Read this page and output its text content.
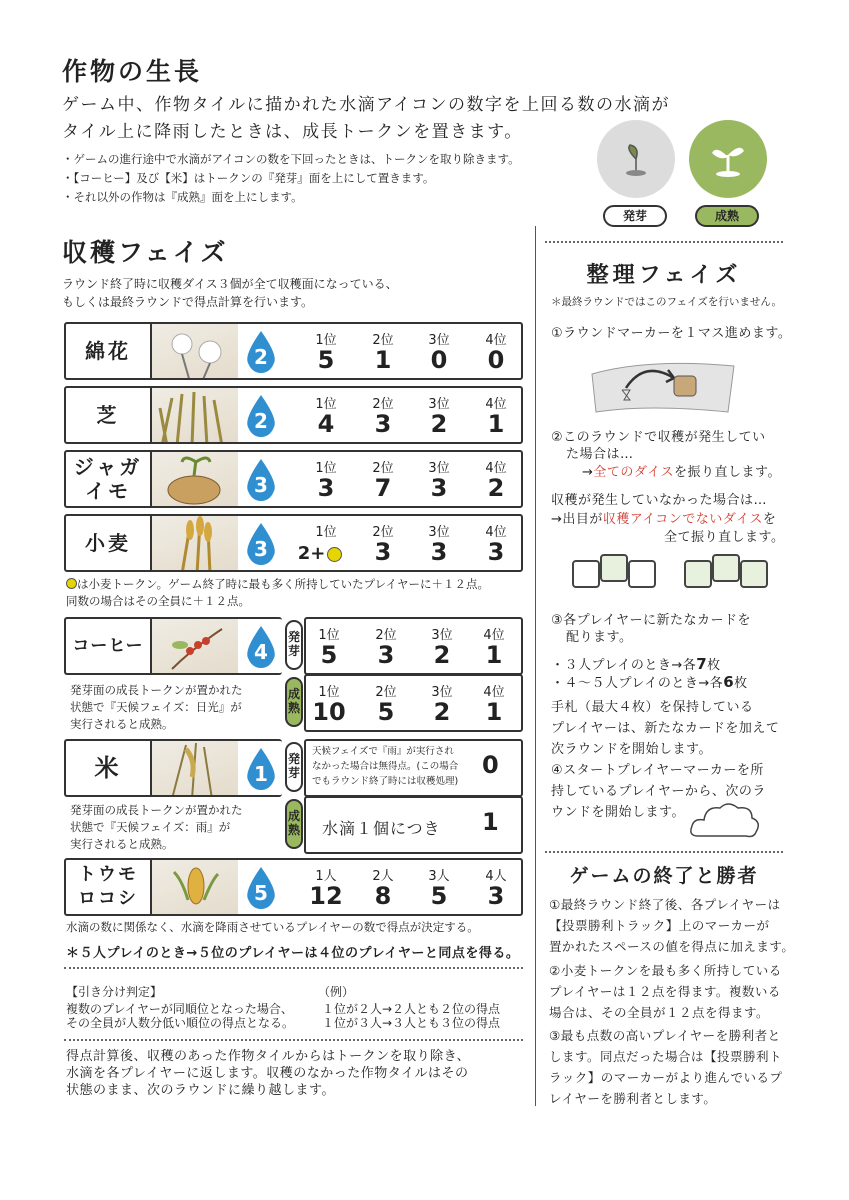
作物の生長
ゲーム中、作物タイルに描かれた水滴アイコンの数字を上回る数の水滴が
タイル上に降雨したときは、成長トークンを置きます。
・ゲームの進行途中で水滴がアイコンの数を下回ったときは、トークンを取り除きます。
・【コーヒー】及び【米】はトークンの『発芽』面を上にして置きます。
・それ以外の作物は『成熟』面を上にします。
発芽	成熟
収穫フェイズ
ラウンド終了時に収穫ダイス３個が全て収穫面になっている、
もしくは最終ラウンドで得点計算を行います。
綿花	2
1位	2位	3位	4位
5	1	0	0
芝	2
1位	2位	3位	4位
4	3	2	1
ジャガ
イモ	3
1位	2位	3位	4位
3	7	3	2
小麦	3
1位	2位	3位	4位
2+	3	3	3
は小麦トークン。ゲーム終了時に最も多く所持していたプレイヤーに＋１２点。
同数の場合はその全員に＋１２点。
コーヒー	4
発芽
1位	2位	3位	4位
5	3	2	1
成熟
1位	2位	3位	4位
10	5	2	1
発芽面の成長トークンが置かれた
状態で『天候フェイズ：日光』が
実行されると成熟。
米	1
発芽
天候フェイズで『雨』が実行され
なかった場合は無得点。(この場合
でもラウンド終了時には収穫処理)
0
成熟 水滴１個につき 1
発芽面の成長トークンが置かれた
状態で『天候フェイズ：雨』が
実行されると成熟。
トウモ
ロコシ	5
1人	2人	3人	4人
12	8	5	3
水滴の数に関係なく、水滴を降雨させているプレイヤーの数で得点が決定する。
＊５人プレイのとき→５位のプレイヤーは４位のプレイヤーと同点を得る。
【引き分け判定】
複数のプレイヤーが同順位となった場合、
その全員が人数分低い順位の得点となる。
（例）
１位が２人→２人とも２位の得点
１位が３人→３人とも３位の得点
得点計算後、収穫のあった作物タイルからはトークンを取り除き、
水滴を各プレイヤーに返します。収穫のなかった作物タイルはその
状態のまま、次のラウンドに繰り越します。
整理フェイズ
＊最終ラウンドではこのフェイズを行いません。
①ラウンドマーカーを１マス進めます。
②このラウンドで収穫が発生してい
た場合は…
→全てのダイスを振り直します。
収穫が発生していなかった場合は…
→出目が収穫アイコンでないダイスを
全て振り直します。
③各プレイヤーに新たなカードを
配ります。
・３人プレイのとき→各7枚
・４～５人プレイのとき→各6枚
手札（最大４枚）を保持している
プレイヤーは、新たなカードを加えて
次ラウンドを開始します。
④スタートプレイヤーマーカーを所
持しているプレイヤーから、次のラ
ウンドを開始します。
ゲームの終了と勝者
①最終ラウンド終了後、各プレイヤーは
【投票勝利トラック】上のマーカーが
置かれたスペースの値を得点に加えます。
②小麦トークンを最も多く所持している
プレイヤーは１２点を得ます。複数いる
場合は、その全員が１２点を得ます。
③最も点数の高いプレイヤーを勝利者と
します。同点だった場合は【投票勝利ト
ラック】のマーカーがより進んでいるプ
レイヤーを勝利者とします。
